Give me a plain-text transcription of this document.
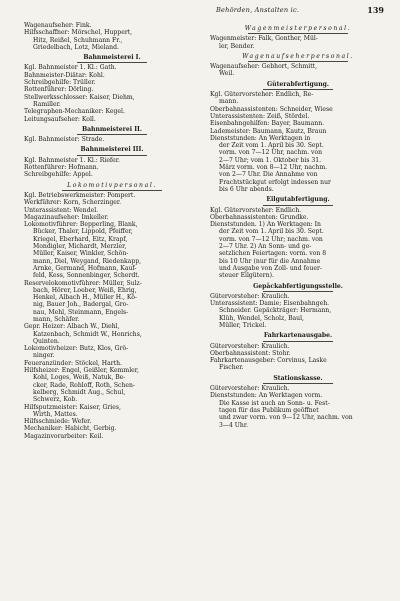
Behörden, Anstalten ic.	139
Wagenaufseher: Fink.
Hilfsschaffner: Mörschel, Huppert,
Hitz, Reißel, Schuhmann Fr.,
Griedelbach, Lotz, Mieland.
Bahnmeisterei I.
Kgl. Bahnmeister 1. Kl.: Gath.
Bahnmeister-Diätar: Kohl.
Schreibgehilfe: Trüller.
Rottenführer: Dörling.
Stellwerksschlosser: Kaiser, Diehm,
Ramiller.
Telegraphen-Mechaniker: Kegel.
Leitungsaufseher: Koll.
Bahnmeisterei II.
Kgl. Bahnmeister: Strade.
Bahnmeisterei III.
Kgl. Bahnmeister 1. Kl.: Riefer.
Rottenführer: Hofmann.
Schreibgehilfe: Appel.
Lokomotivpersonal.
Kgl. Betriebswerkmeister: Pompert.
Werkführer: Korn, Scherzinger.
Unterassistent: Wendel.
Magazinaufseher: Imkeller.
Lokomotivführer: Bepperling, Blank,
Bücker, Thaler, Lippold, Pfeiffer,
Kriegel, Eberhard, Eitz, Krapf,
Mondigler, Michardt, Merzler,
Müller, Kaiser, Winkler, Schön-
mann, Diel, Weygand, Riedenkapp,
Arnke, Germand, Hofmann, Kauf-
feld, Kess, Sonnenbinger, Scherdt.
Reservelokomotivführer: Müller, Sulz-
bach, Hörer, Loeber, Weiß, Ehrig,
Henkel, Albach H., Müller H., Kö-
nig, Bauer Joh., Badergal, Gro-
nau, Mehl, Steinmann, Engels-
mann, Schäfer.
Gepr. Heizer: Albach W., Diehl,
Katzenbach, Schmidt W., Henrichs,
Quinten.
Lokomotivheizer: Butz, Klos, Grö-
ninger.
Feueranzünder: Stöckel, Harth.
Hilfsheizer: Engel, Geißler, Kemmler,
Kohl, Loges, Weiß, Natuk, Be-
cker, Rade, Rohloff, Roth, Schen-
kelberg, Schmidt Aug., Schul,
Schwerz, Kob.
Hilfsputzmeister: Kaiser, Gries,
Wirth, Mattes.
Hilfsschmiede: Wefer.
Mechaniker: Habicht, Gerbig.
Magazinvorarbeiter: Keil.
Wagenmeisterpersonal.
Wagenmeister: Falk, Gonther, Mül-
ler, Bender.
Wagenaufseherpersonal.
Wagenaufseher: Gebhort, Schmitt,
Weil.
Güterabfertigung.
Kgl. Gütervorsteher: Endlich, Re-
mann.
Oberbahnassistenten: Schneider, Wiese
Unterassistenten: Zeiß, Stördel.
Eisenbahngehilfen: Bayer, Baumann.
Lademeister: Baumann, Kautz, Braun
Dienststunden: An Werktagen in
der Zeit vom 1. April bis 30. Sept.
vorm. von 7—12 Uhr, nachm. von
2—7 Uhr; vom 1. Oktober bis 31.
März vorm. von 8—12 Uhr, nachm.
von 2—7 Uhr. Die Annahme von
Frachtstückgut erfolgt indessen nur
bis 6 Uhr abends.
Eilgutabfertigung.
Kgl. Gütervorsteher: Endlich.
Oberbahnassistenten: Grundke.
Dienststunden. 1) An Werktagen: In
der Zeit vom 1. April bis 30. Sept.
vorm. von 7—12 Uhr; nachm. von
2—7 Uhr. 2) An Sonn- und ge-
setzlichen Feiertagen: vorm. von 8
bis 10 Uhr (nur für die Annahme
und Ausgabe von Zoll- und feuer-
steuer Eilgütern).
Gepäckabfertigungsstelle.
Gütervorsteher: Kraulich.
Unterassistent: Damie; Eisenbahngeh.
Schneider. Gepäckträger: Hermann,
Klüh, Wendel, Scholz, Baul,
Müller, Trickel.
Fahrkartenausgabe.
Gütervorsteher: Kraulich.
Oberbahnassistent: Stohr.
Fahrkartenausgeber: Corvinus, Laske
Fischer.
Stationskasse.
Gütervorsteher: Kraulich.
Dienststunden: An Werktagen vorm.
Die Kasse ist auch an Sonn- u. Fest-
tagen für das Publikum geöffnet
und zwar vorm. von 9—12 Uhr, nachm. von
3—4 Uhr.
